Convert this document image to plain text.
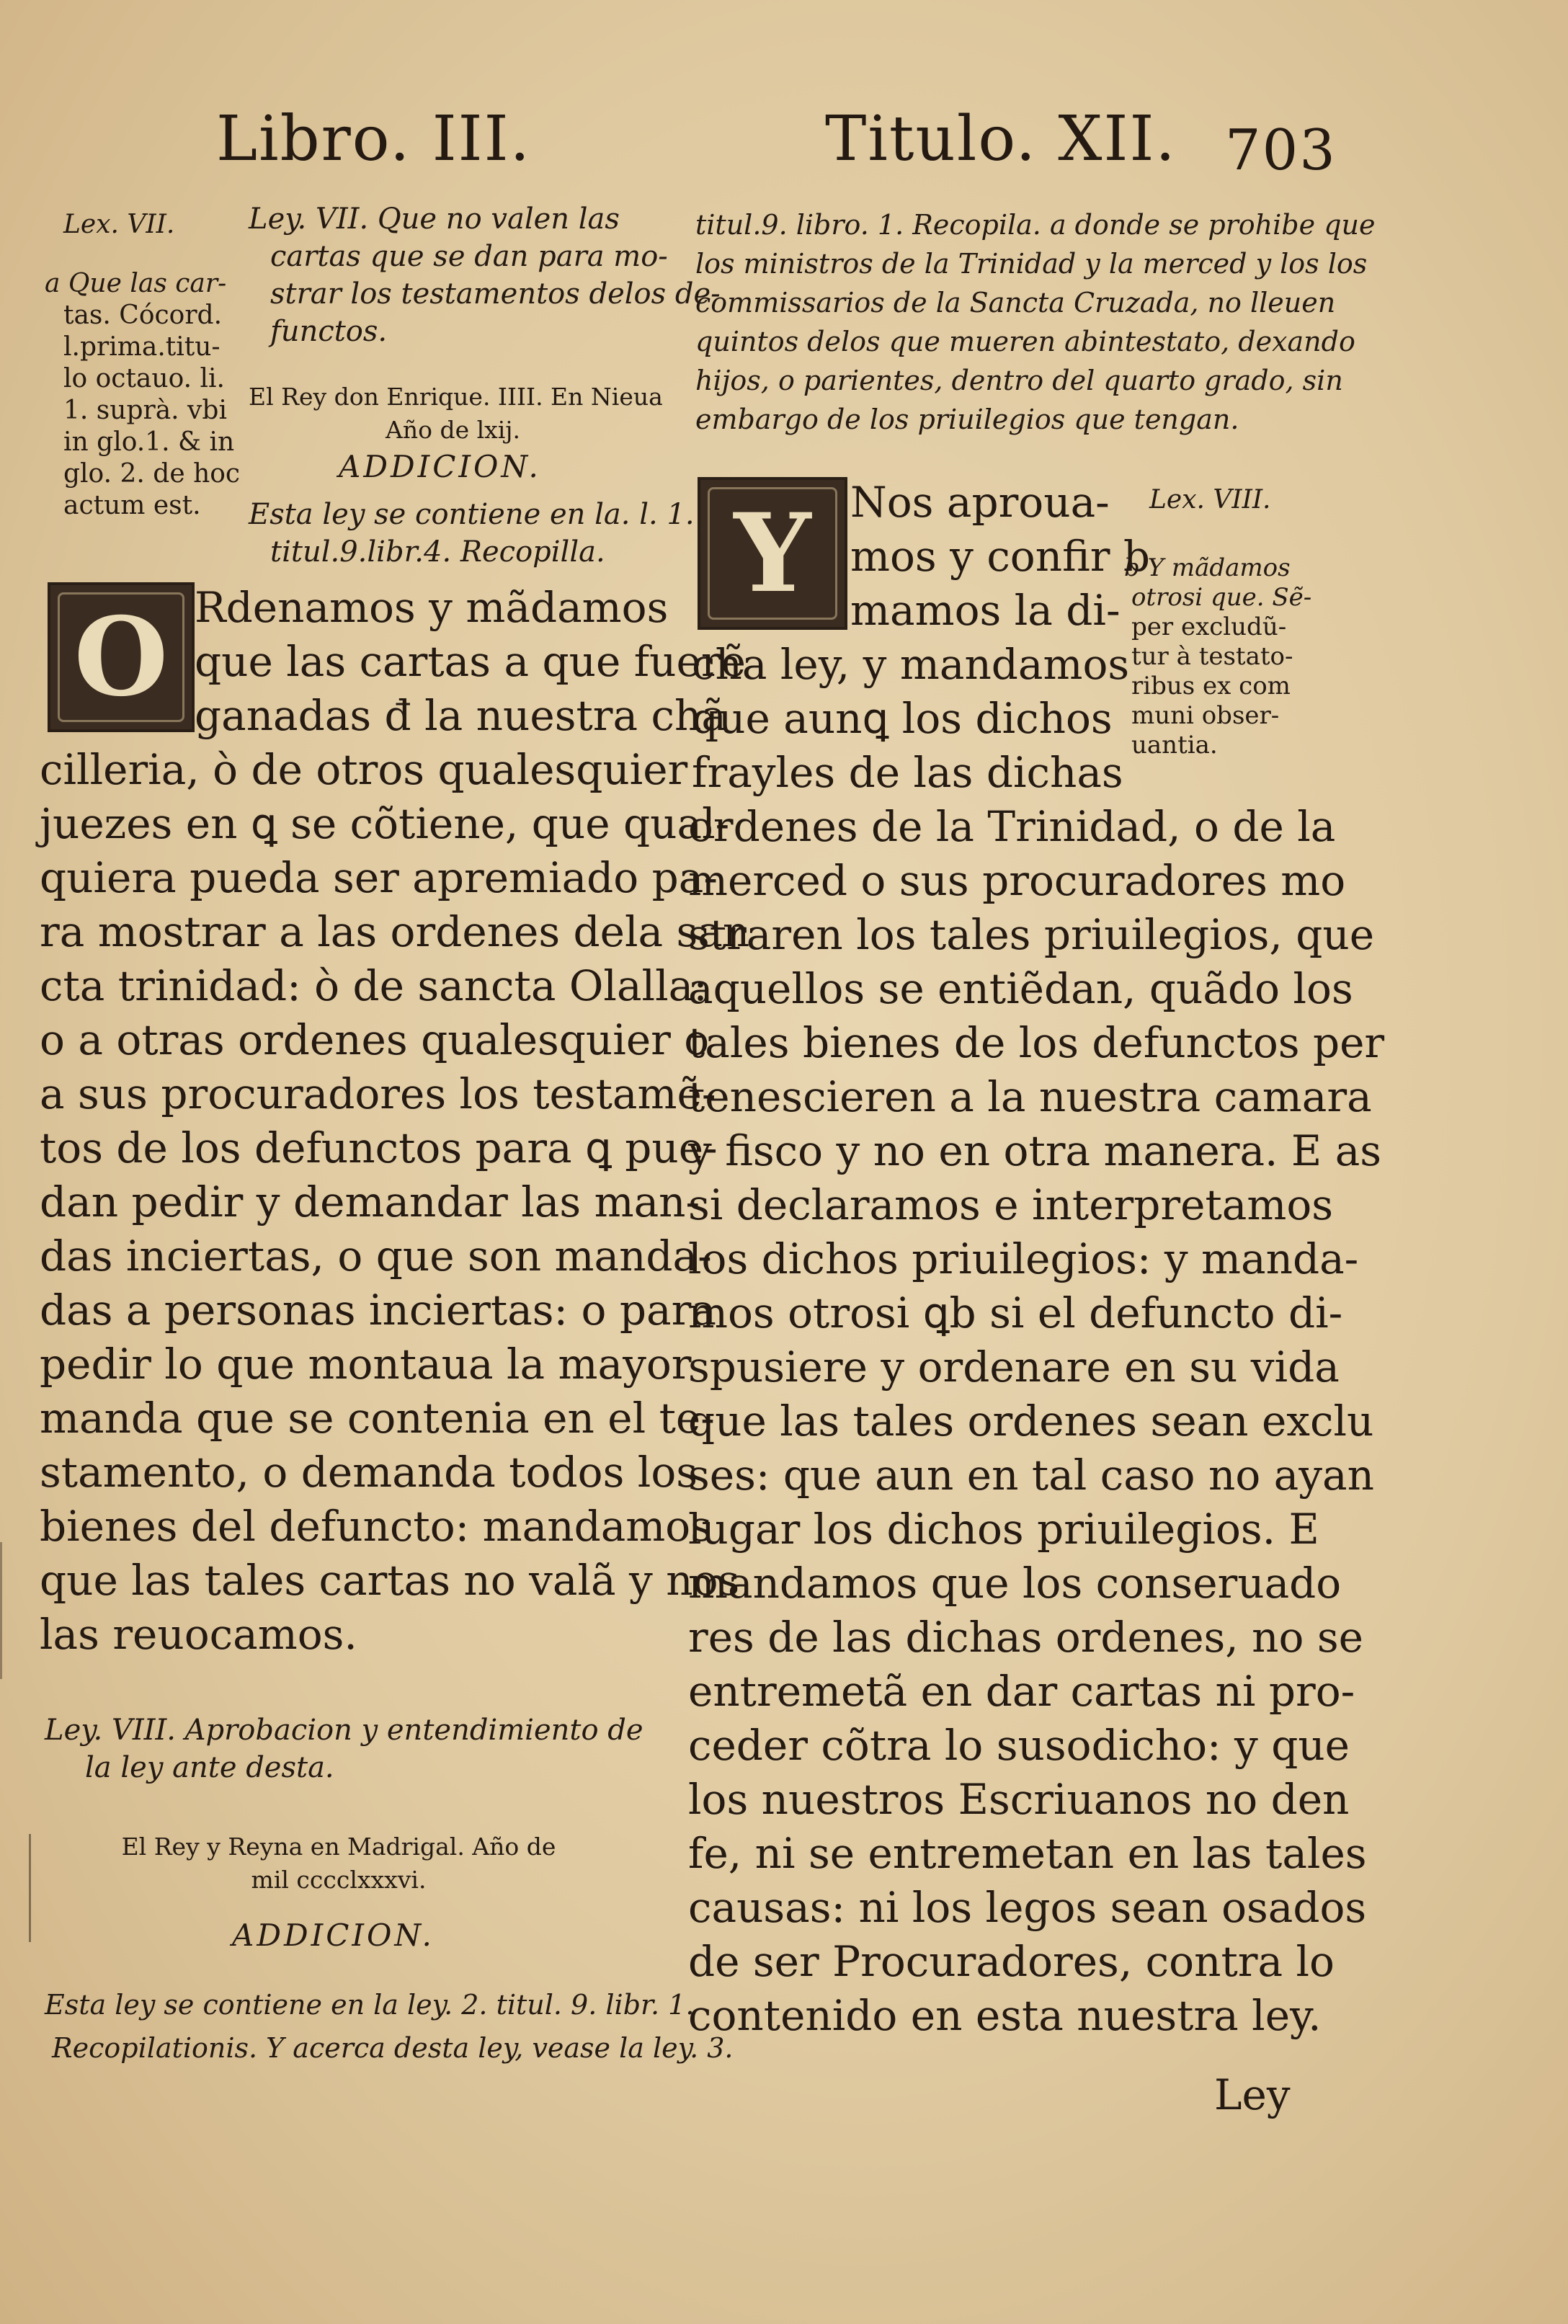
Libro. III.	Titulo. XII. 703
Lex. VII.

a Que las car-

tas. Cócord.

l.prima.titu-

lo octauo. li.

1. suprà. vbi

in glo.1. & in

glo. 2. de hoc

actum est.

Ley. VII. Que no valen las

cartas que se dan para mo-

strar los testamentos delos de-

functos.

El Rey don Enrique. IIII. En Nieua

Año de lxij.

ADDICION.

Esta ley se contiene en la. l. 1.

titul.9.libr.4. Recopilla.

O Rdenamos y mãdamos

que las cartas a que fuerẽ

ganadas đ la nuestra chã

cilleria, ò de otros qualesquier

juezes en ꝗ se cõtiene, que qual-

quiera pueda ser apremiado pa-

ra mostrar a las ordenes dela san

cta trinidad: ò de sancta Olalla:

o a otras ordenes qualesquier o

a sus procuradores los testamẽ-

tos de los defunctos para ꝗ pue-

dan pedir y demandar las man-

das inciertas, o que son manda-

das a personas inciertas: o para

pedir lo que montaua la mayor

manda que se contenia en el te-

stamento, o demanda todos los

bienes del defuncto: mandamos

que las tales cartas no valã y nos

las reuocamos.

Ley. VIII. Aprobacion y entendimiento de

la ley ante desta.

El Rey y Reyna en Madrigal. Año de

mil cccclxxxvi.

ADDICION.

Esta ley se contiene en la ley. 2. titul. 9. libr. 1.

Recopilationis. Y acerca desta ley, vease la ley. 3.

titul.9. libro. 1. Recopila. a donde se prohibe que

los ministros de la Trinidad y la merced y los los

commissarios de la Sancta Cruzada, no lleuen

quintos delos que mueren abintestato, dexando

hijos, o parientes, dentro del quarto grado, sin

embargo de los priuilegios que tengan.

Y Nos aproua-

mos y confir b

mamos la di-

cha ley, y mandamos

que aunꝗ los dichos

frayles de las dichas

Lex. VIII.

b Y mãdamos

otrosi que. Sẽ-

per excludũ-

tur à testato-

ribus ex com

muni obser-

uantia.

ordenes de la Trinidad, o de la

merced o sus procuradores mo

straren los tales priuilegios, que

aquellos se entiẽdan, quãdo los

tales bienes de los defunctos per

tenescieren a la nuestra camara

y fisco y no en otra manera. E as

si declaramos e interpretamos

los dichos priuilegios: y manda-

mos otrosi ꝗb si el defuncto di-

spusiere y ordenare en su vida

que las tales ordenes sean exclu

ses: que aun en tal caso no ayan

lugar los dichos priuilegios. E

mandamos que los conseruado

res de las dichas ordenes, no se

entremetã en dar cartas ni pro-

ceder cõtra lo susodicho: y que

los nuestros Escriuanos no den

fe, ni se entremetan en las tales

causas: ni los legos sean osados

de ser Procuradores, contra lo

contenido en esta nuestra ley.

Ley
